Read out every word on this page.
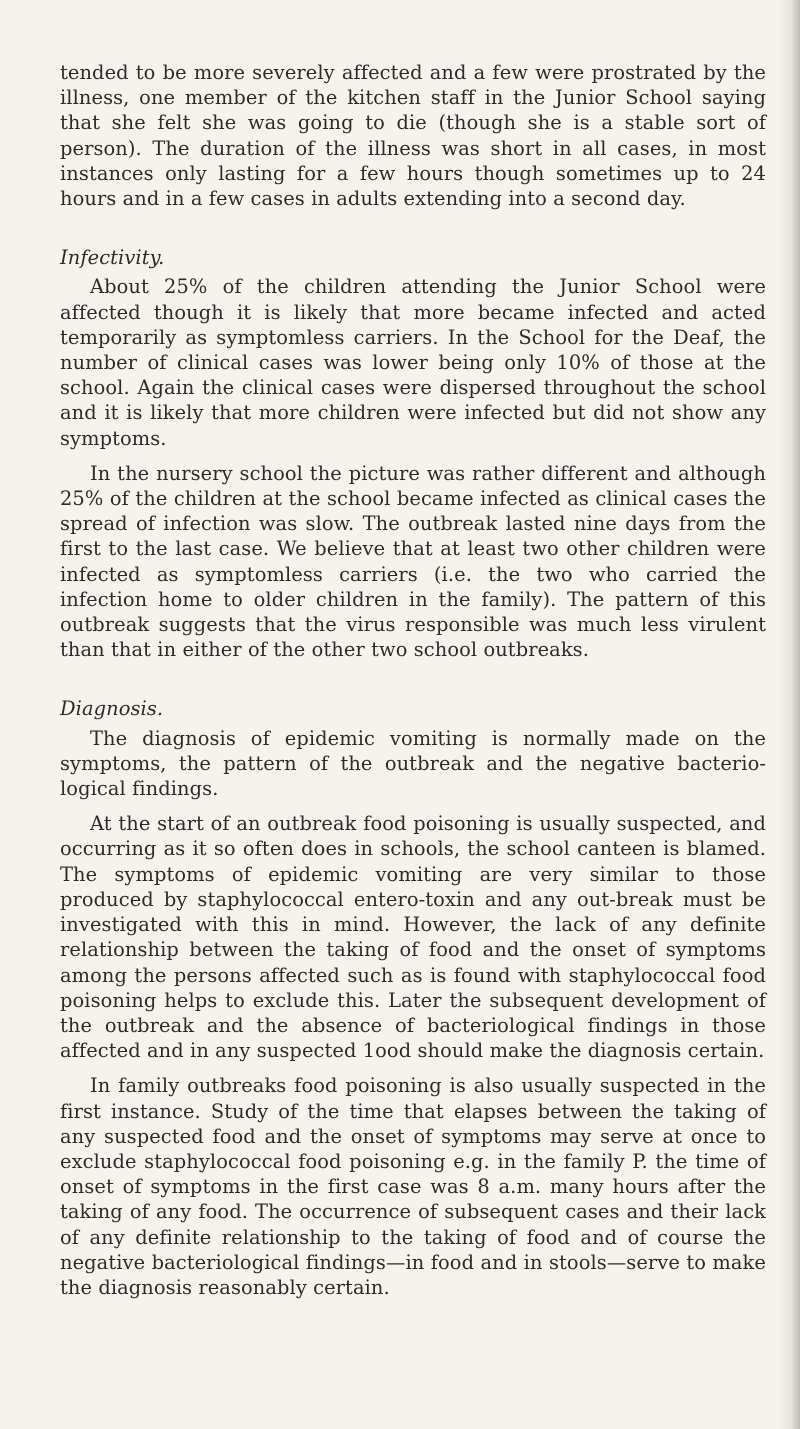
tended to be more severely affected and a few were prostrated by the illness, one member of the kitchen staff in the Junior School saying that she felt she was going to die (though she is a stable sort of person). The duration of the illness was short in all cases, in most instances only lasting for a few hours though sometimes up to 24 hours and in a few cases in adults extending into a second day.

Infectivity.

About 25% of the children attending the Junior School were affected though it is likely that more became infected and acted temporarily as symptomless carriers. In the School for the Deaf, the number of clinical cases was lower being only 10% of those at the school. Again the clinical cases were dispersed throughout the school and it is likely that more children were infected but did not show any symptoms.

In the nursery school the picture was rather different and although 25% of the children at the school became infected as clinical cases the spread of infection was slow. The outbreak lasted nine days from the first to the last case. We believe that at least two other children were infected as symptomless carriers (i.e. the two who carried the infection home to older children in the family). The pattern of this outbreak suggests that the virus responsible was much less virulent than that in either of the other two school outbreaks.

Diagnosis.

The diagnosis of epidemic vomiting is normally made on the symptoms, the pattern of the outbreak and the negative bacterio-logical findings.

At the start of an outbreak food poisoning is usually suspected, and occurring as it so often does in schools, the school canteen is blamed. The symptoms of epidemic vomiting are very similar to those produced by staphylococcal entero-toxin and any out-break must be investigated with this in mind. However, the lack of any definite relationship between the taking of food and the onset of symptoms among the persons affected such as is found with staphylococcal food poisoning helps to exclude this. Later the subsequent development of the outbreak and the absence of bacteriological findings in those affected and in any suspected 1ood should make the diagnosis certain.

In family outbreaks food poisoning is also usually suspected in the first instance. Study of the time that elapses between the taking of any suspected food and the onset of symptoms may serve at once to exclude staphylococcal food poisoning e.g. in the family P. the time of onset of symptoms in the first case was 8 a.m. many hours after the taking of any food. The occurrence of subsequent cases and their lack of any definite relationship to the taking of food and of course the negative bacteriological findings—in food and in stools—serve to make the diagnosis reasonably certain.
